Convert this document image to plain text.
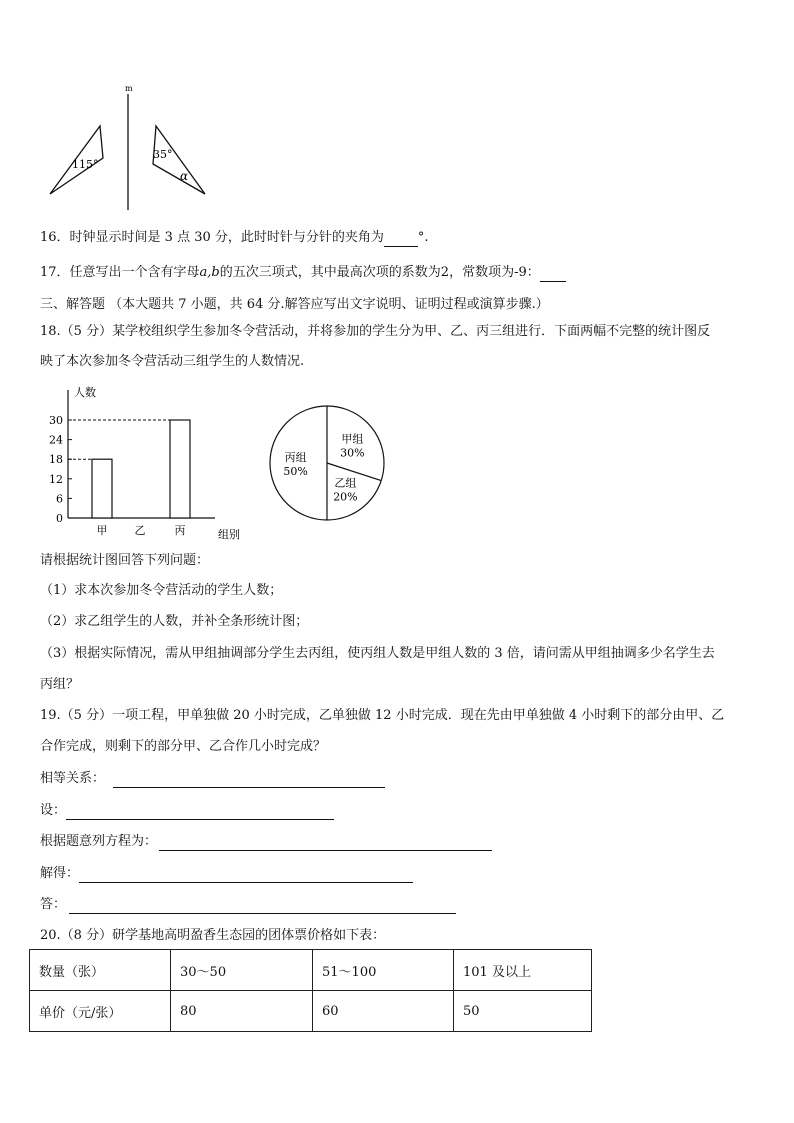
m
115°
35°
α
16．时钟显示时间是 3 点 30 分，此时时针与分针的夹角为	°.
17．任意写出一个含有字母a,b的五次三项式，其中最高次项的系数为2，常数项为-9：
三、解答题 （本大题共 7 小题，共 64 分.解答应写出文字说明、证明过程或演算步骤.）
18.（5 分）某学校组织学生参加冬令营活动，并将参加的学生分为甲、乙、丙三组进行．下面两幅不完整的统计图反
映了本次参加冬令营活动三组学生的人数情况.
人数
组别
0
6
12
18
24
30
甲 乙	丙
甲组
30%
乙组
20%
丙组
50%
请根据统计图回答下列问题：
（1）求本次参加冬令营活动的学生人数；
（2）求乙组学生的人数，并补全条形统计图；
（3）根据实际情况，需从甲组抽调部分学生去丙组，使丙组人数是甲组人数的 3 倍，请问需从甲组抽调多少名学生去
丙组？
19.（5 分）一项工程，甲单独做 20 小时完成，乙单独做 12 小时完成．现在先由甲单独做 4 小时剩下的部分由甲、乙
合作完成，则剩下的部分甲、乙合作几小时完成？
相等关系：
设：
根据题意列方程为：
解得：
答：
20.（8 分）研学基地高明盈香生态园的团体票价格如下表：
数量（张）	30～50	51～100	101 及以上
单价（元/张）	80	60	50
